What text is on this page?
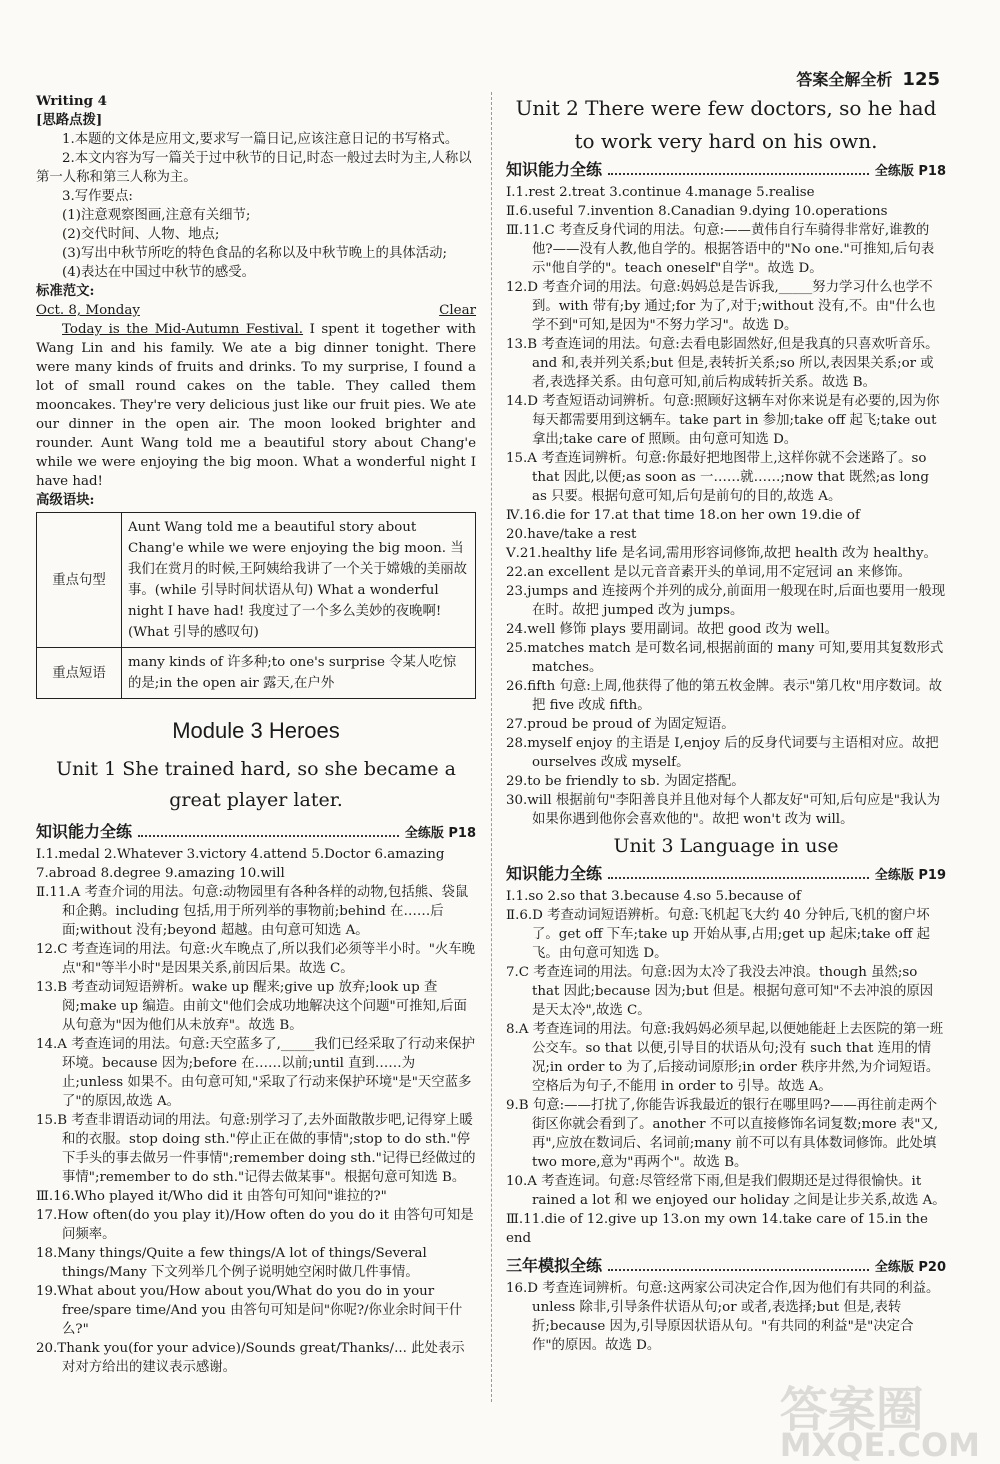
答案全解全析 125

Writing 4

[思路点拨]

1.本题的文体是应用文,要求写一篇日记,应该注意日记的书写格式。

2.本文内容为写一篇关于过中秋节的日记,时态一般过去时为主,人称以第一人称和第三人称为主。

3.写作要点:

(1)注意观察图画,注意有关细节;

(2)交代时间、人物、地点;

(3)写出中秋节所吃的特色食品的名称以及中秋节晚上的具体活动;

(4)表达在中国过中秋节的感受。

标准范文:

Oct. 8, Monday	Clear

Today is the Mid-Autumn Festival. I spent it together with Wang Lin and his family. We ate a big dinner tonight. There were many kinds of fruits and drinks. To my surprise, I found a lot of small round cakes on the table. They called them mooncakes. They're very delicious just like our fruit pies. We ate our dinner in the open air. The moon looked brighter and rounder. Aunt Wang told me a beautiful story about Chang'e while we were enjoying the big moon. What a wonderful night I have had!

高级语块:

重点句型	Aunt Wang told me a beautiful story about Chang'e while we were enjoying the big moon. 当我们在赏月的时候,王阿姨给我讲了一个关于嫦娥的美丽故事。(while 引导时间状语从句) What a wonderful night I have had! 我度过了一个多么美妙的夜晚啊!(What 引导的感叹句)
重点短语	many kinds of 许多种;to one's surprise 令某人吃惊的是;in the open air 露天,在户外
Module 3 Heroes
Unit 1 She trained hard, so she became a great player later.
知识能力全练	全练版 P18

Ⅰ.1.medal 2.Whatever 3.victory 4.attend 5.Doctor 6.amazing

7.abroad 8.degree 9.amazing 10.will

Ⅱ.11.A 考查介词的用法。句意:动物园里有各种各样的动物,包括熊、袋鼠和企鹅。including 包括,用于所列举的事物前;behind 在……后面;without 没有;beyond 超越。由句意可知选 A。

12.C 考查连词的用法。句意:火车晚点了,所以我们必须等半小时。"火车晚点"和"等半小时"是因果关系,前因后果。故选 C。

13.B 考查动词短语辨析。wake up 醒来;give up 放弃;look up 查阅;make up 编造。由前文"他们会成功地解决这个问题"可推知,后面从句意为"因为他们从未放弃"。故选 B。

14.A 考查连词的用法。句意:天空蓝多了,_____我们已经采取了行动来保护环境。because 因为;before 在……以前;until 直到……为止;unless 如果不。由句意可知,"采取了行动来保护环境"是"天空蓝多了"的原因,故选 A。

15.B 考查非谓语动词的用法。句意:别学习了,去外面散散步吧,记得穿上暖和的衣服。stop doing sth."停止正在做的事情";stop to do sth."停下手头的事去做另一件事情";remember doing sth."记得已经做过的事情";remember to do sth."记得去做某事"。根据句意可知选 B。

Ⅲ.16.Who played it/Who did it 由答句可知问"谁拉的?"

17.How often(do you play it)/How often do you do it 由答句可知是问频率。

18.Many things/Quite a few things/A lot of things/Several things/Many 下文列举几个例子说明她空闲时做几件事情。

19.What about you/How about you/What do you do in your free/spare time/And you 由答句可知是问"你呢?/你业余时间干什么?"

20.Thank you(for your advice)/Sounds great/Thanks/... 此处表示对对方给出的建议表示感谢。

Unit 2 There were few doctors, so he had to work very hard on his own.
知识能力全练	全练版 P18

Ⅰ.1.rest 2.treat 3.continue 4.manage 5.realise

Ⅱ.6.useful 7.invention 8.Canadian 9.dying 10.operations

Ⅲ.11.C 考查反身代词的用法。句意:——黄伟自行车骑得非常好,谁教的他?——没有人教,他自学的。根据答语中的"No one."可推知,后句表示"他自学的"。teach oneself"自学"。故选 D。

12.D 考查介词的用法。句意:妈妈总是告诉我,_____努力学习什么也学不到。with 带有;by 通过;for 为了,对于;without 没有,不。由"什么也学不到"可知,是因为"不努力学习"。故选 D。

13.B 考查连词的用法。句意:去看电影固然好,但是我真的只喜欢听音乐。and 和,表并列关系;but 但是,表转折关系;so 所以,表因果关系;or 或者,表选择关系。由句意可知,前后构成转折关系。故选 B。

14.D 考查短语动词辨析。句意:照顾好这辆车对你来说是有必要的,因为你每天都需要用到这辆车。take part in 参加;take off 起飞;take out 拿出;take care of 照顾。由句意可知选 D。

15.A 考查连词辨析。句意:你最好把地图带上,这样你就不会迷路了。so that 因此,以便;as soon as 一……就……;now that 既然;as long as 只要。根据句意可知,后句是前句的目的,故选 A。

Ⅳ.16.die for 17.at that time 18.on her own 19.die of

20.have/take a rest

Ⅴ.21.healthy life 是名词,需用形容词修饰,故把 health 改为 healthy。

22.an excellent 是以元音音素开头的单词,用不定冠词 an 来修饰。

23.jumps and 连接两个并列的成分,前面用一般现在时,后面也要用一般现在时。故把 jumped 改为 jumps。

24.well 修饰 plays 要用副词。故把 good 改为 well。

25.matches match 是可数名词,根据前面的 many 可知,要用其复数形式 matches。

26.fifth 句意:上周,他获得了他的第五枚金牌。表示"第几枚"用序数词。故把 five 改成 fifth。

27.proud be proud of 为固定短语。

28.myself enjoy 的主语是 I,enjoy 后的反身代词要与主语相对应。故把 ourselves 改成 myself。

29.to be friendly to sb. 为固定搭配。

30.will 根据前句"李阳善良并且他对每个人都友好"可知,后句应是"我认为如果你遇到他你会喜欢他的"。故把 won't 改为 will。

Unit 3 Language in use
知识能力全练	全练版 P19

Ⅰ.1.so 2.so that 3.because 4.so 5.because of

Ⅱ.6.D 考查动词短语辨析。句意:飞机起飞大约 40 分钟后,飞机的窗户坏了。get off 下车;take up 开始从事,占用;get up 起床;take off 起飞。由句意可知选 D。

7.C 考查连词的用法。句意:因为太冷了我没去冲浪。though 虽然;so that 因此;because 因为;but 但是。根据句意可知"不去冲浪的原因是天太冷",故选 C。

8.A 考查连词的用法。句意:我妈妈必须早起,以便她能赶上去医院的第一班公交车。so that 以便,引导目的状语从句;没有 such that 连用的情况;in order to 为了,后接动词原形;in order 秩序井然,为介词短语。空格后为句子,不能用 in order to 引导。故选 A。

9.B 句意:——打扰了,你能告诉我最近的银行在哪里吗?——再往前走两个街区你就会看到了。another 不可以直接修饰名词复数;more 表"又,再",应放在数词后、名词前;many 前不可以有具体数词修饰。此处填 two more,意为"再两个"。故选 B。

10.A 考查连词。句意:尽管经常下雨,但是我们假期还是过得很愉快。it rained a lot 和 we enjoyed our holiday 之间是让步关系,故选 A。

Ⅲ.11.die of 12.give up 13.on my own 14.take care of 15.in the end

三年模拟全练	全练版 P20

16.D 考查连词辨析。句意:这两家公司决定合作,因为他们有共同的利益。unless 除非,引导条件状语从句;or 或者,表选择;but 但是,表转折;because 因为,引导原因状语从句。"有共同的利益"是"决定合作"的原因。故选 D。

答案圈
MXQE.COM
